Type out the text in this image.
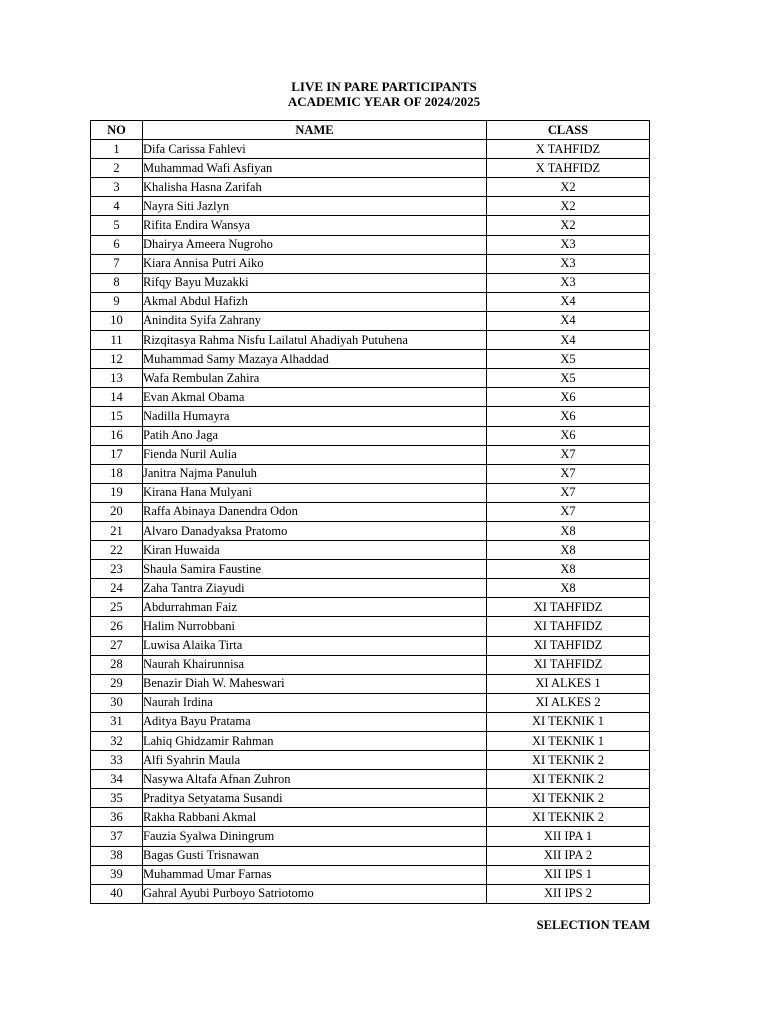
LIVE IN PARE PARTICIPANTS
ACADEMIC YEAR OF 2024/2025
NO	NAME	CLASS
1	Difa Carissa Fahlevi	X TAHFIDZ
2	Muhammad Wafi Asfiyan	X TAHFIDZ
3	Khalisha Hasna Zarifah	X2
4	Nayra Siti Jazlyn	X2
5	Rifita Endira Wansya	X2
6	Dhairya Ameera Nugroho	X3
7	Kiara Annisa Putri Aiko	X3
8	Rifqy Bayu Muzakki	X3
9	Akmal Abdul Hafizh	X4
10	Anindita Syifa Zahrany	X4
11	Rizqitasya Rahma Nisfu Lailatul Ahadiyah Putuhena	X4
12	Muhammad Samy Mazaya Alhaddad	X5
13	Wafa Rembulan Zahira	X5
14	Evan Akmal Obama	X6
15	Nadilla Humayra	X6
16	Patih Ano Jaga	X6
17	Fienda Nuril Aulia	X7
18	Janitra Najma Panuluh	X7
19	Kirana Hana Mulyani	X7
20	Raffa Abinaya Danendra Odon	X7
21	Alvaro Danadyaksa Pratomo	X8
22	Kiran Huwaida	X8
23	Shaula Samira Faustine	X8
24	Zaha Tantra Ziayudi	X8
25	Abdurrahman Faiz	XI TAHFIDZ
26	Halim Nurrobbani	XI TAHFIDZ
27	Luwisa Alaika Tirta	XI TAHFIDZ
28	Naurah Khairunnisa	XI TAHFIDZ
29	Benazir Diah W. Maheswari	XI ALKES 1
30	Naurah Irdina	XI ALKES 2
31	Aditya Bayu Pratama	XI TEKNIK 1
32	Lahiq Ghidzamir Rahman	XI TEKNIK 1
33	Alfi Syahrin Maula	XI TEKNIK 2
34	Nasywa Altafa Afnan Zuhron	XI TEKNIK 2
35	Praditya Setyatama Susandi	XI TEKNIK 2
36	Rakha Rabbani Akmal	XI TEKNIK 2
37	Fauzia Syalwa Diningrum	XII IPA 1
38	Bagas Gusti Trisnawan	XII IPA 2
39	Muhammad Umar Farnas	XII IPS 1
40	Gahral Ayubi Purboyo Satriotomo	XII IPS 2
SELECTION TEAM
